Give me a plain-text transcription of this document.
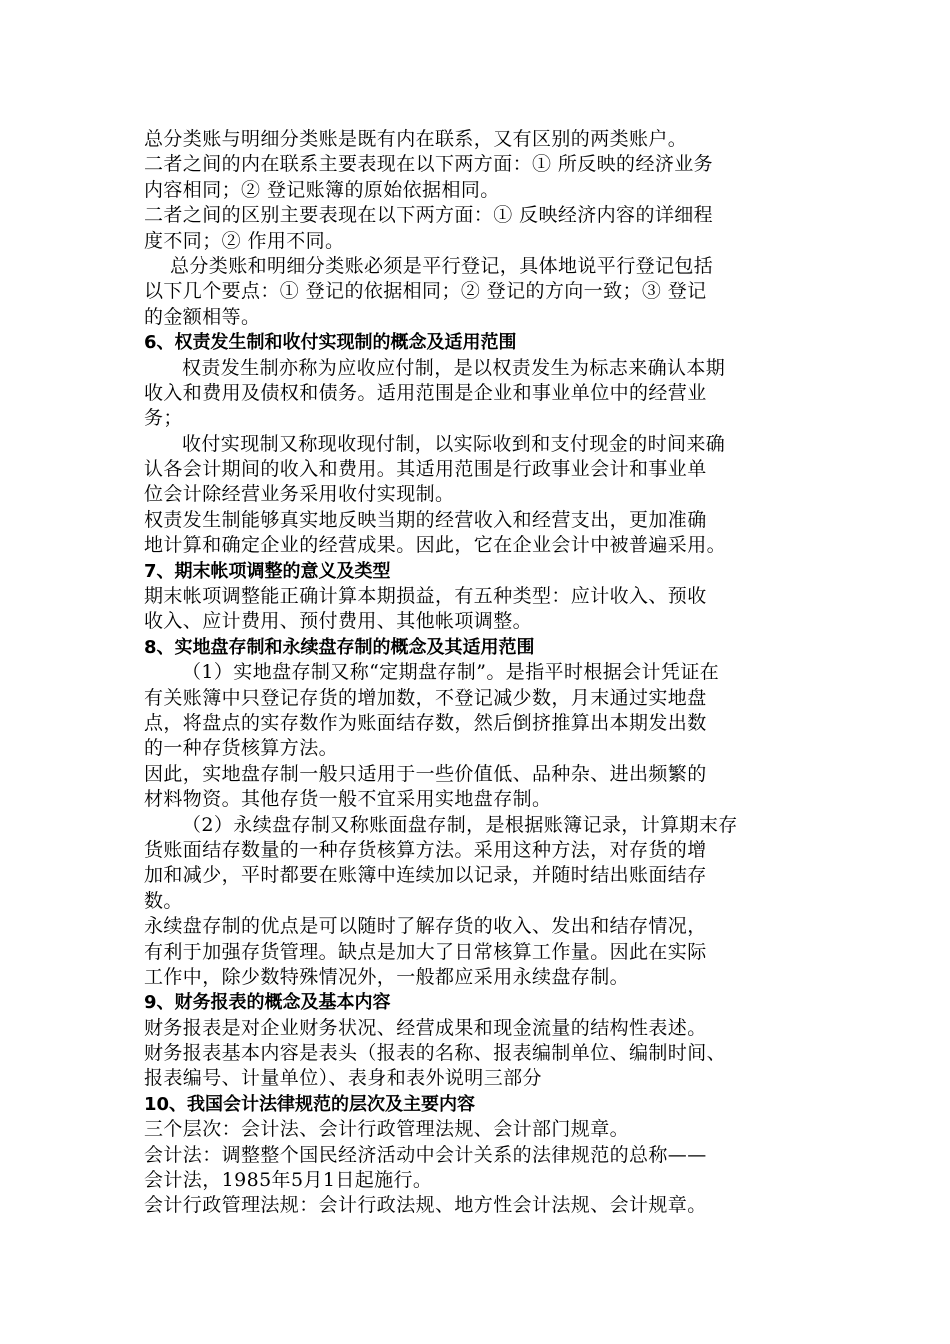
总分类账与明细分类账是既有内在联系，又有区别的两类账户。
二者之间的内在联系主要表现在以下两方面：① 所反映的经济业务
内容相同；② 登记账簿的原始依据相同。
二者之间的区别主要表现在以下两方面：① 反映经济内容的详细程
度不同；② 作用不同。
总分类账和明细分类账必须是平行登记，具体地说平行登记包括
以下几个要点：① 登记的依据相同；② 登记的方向一致；③ 登记
的金额相等。
6、权责发生制和收付实现制的概念及适用范围
权责发生制亦称为应收应付制，是以权责发生为标志来确认本期
收入和费用及债权和债务。适用范围是企业和事业单位中的经营业
务；
收付实现制又称现收现付制，以实际收到和支付现金的时间来确
认各会计期间的收入和费用。其适用范围是行政事业会计和事业单
位会计除经营业务采用收付实现制。
权责发生制能够真实地反映当期的经营收入和经营支出，更加准确
地计算和确定企业的经营成果。因此，它在企业会计中被普遍采用。
7、期末帐项调整的意义及类型
期末帐项调整能正确计算本期损益，有五种类型：应计收入、预收
收入、应计费用、预付费用、其他帐项调整。
8、实地盘存制和永续盘存制的概念及其适用范围
（1）实地盘存制又称“定期盘存制”。是指平时根据会计凭证在
有关账簿中只登记存货的增加数，不登记减少数，月末通过实地盘
点，将盘点的实存数作为账面结存数，然后倒挤推算出本期发出数
的一种存货核算方法。
因此，实地盘存制一般只适用于一些价值低、品种杂、进出频繁的
材料物资。其他存货一般不宜采用实地盘存制。
（2）永续盘存制又称账面盘存制，是根据账簿记录，计算期末存
货账面结存数量的一种存货核算方法。采用这种方法，对存货的增
加和减少，平时都要在账簿中连续加以记录，并随时结出账面结存
数。
永续盘存制的优点是可以随时了解存货的收入、发出和结存情况，
有利于加强存货管理。缺点是加大了日常核算工作量。因此在实际
工作中，除少数特殊情况外，一般都应采用永续盘存制。
9、财务报表的概念及基本内容
财务报表是对企业财务状况、经营成果和现金流量的结构性表述。
财务报表基本内容是表头（报表的名称、报表编制单位、编制时间、
报表编号、计量单位）、表身和表外说明三部分
10、我国会计法律规范的层次及主要内容
三个层次：会计法、会计行政管理法规、会计部门规章。
会计法：调整整个国民经济活动中会计关系的法律规范的总称——
会计法，1985年5月1日起施行。
会计行政管理法规：会计行政法规、地方性会计法规、会计规章。
